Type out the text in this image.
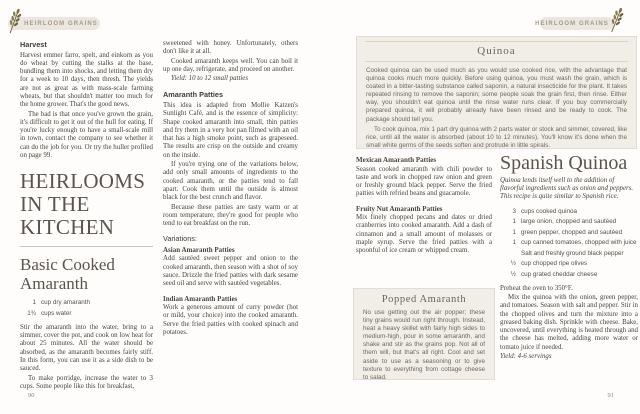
HEIRLOOM GRAINS
Harvest

Harvest emmer farro, spelt, and einkorn as you do wheat by cutting the stalks at the base, bundling them into shocks, and letting them dry for a week to 10 days, then thresh. The yields are not as great as with mass-scale farming wheats, but that shouldn't matter too much for the home grower. That's the good news.

The bad is that once you've grown the grain, it's difficult to get it out of the hull for eating. If you're lucky enough to have a small-scale mill in town, contact the company to see whether it can do the job for you. Or try the huller profiled on page 99.

HEIRLOOMS
IN THE
KITCHEN
Basic Cooked
Amaranth
1 cup dry amaranth
1¾ cups water

Stir the amaranth into the water, bring to a simmer, cover the pot, and cook on low heat for about 25 minutes. All the water should be absorbed, as the amaranth becomes fairly stiff. In this form, you can use it as a side dish to be sauced.

To make porridge, increase the water to 3 cups. Some people like this for breakfast,

sweetened with honey. Unfortunately, others don't like it at all.

Cooked amaranth keeps well. You can boil it up one day, refrigerate, and proceed on another.

Yield: 10 to 12 small patties

Amaranth Patties

This idea is adapted from Mollie Katzen's Sunlight Café, and is the essence of simplicity: Shape cooked amaranth into small, thin patties and fry them in a very hot pan filmed with an oil that has a high smoke point, such as grapeseed. The results are crisp on the outside and creamy on the inside.

If you're trying one of the variations below, add only small amounts of ingredients to the cooked amaranth, or the patties tend to fall apart. Cook them until the outside is almost black for the best crunch and flavor.

Because these patties are tasty warm or at room temperature, they're good for people who tend to eat breakfast on the run.

Variations:
Asian Amaranth Patties

Add sautéed sweet pepper and onion to the cooked amaranth, then season with a shot of soy sauce. Drizzle the fried patties with dark sesame seed oil and serve with sautéed vegetables.

Indian Amaranth Patties

Work a generous amount of curry powder (hot or mild, your choice) into the cooked amaranth. Serve the fried patties with cooked spinach and potatoes.

90
HEIRLOOM GRAINS
Quinoa

Cooked quinoa can be used much as you would use cooked rice, with the advantage that quinoa cooks much more quickly. Before using quinoa, you must wash the grain, which is coated in a bitter-tasting substance called saponin, a natural insecticide for the plant. It takes repeated rinsing to remove the saponin; some people soak the grain first, then rinse. Either way, you shouldn't eat quinoa until the rinse water runs clear. If you buy commercially prepared quinoa, it will probably already have been rinsed and be ready to cook. The package should tell you.

To cook quinoa, mix 1 part dry quinoa with 2 parts water or stock and simmer, covered, like rice, until all the water is absorbed (about 10 to 12 minutes). You'll know it's done when the small white germs of the seeds soften and protrude in little spirals.

Mexican Amaranth Patties

Season cooked amaranth with chili powder to taste and work in chopped raw onion and green or freshly ground black pepper. Serve the fried patties with refried beans and guacamole.

Fruity Nut Amaranth Patties

Mix finely chopped pecans and dates or dried cranberries into cooked amaranth. Add a dash of cinnamon and a small amount of molasses or maple syrup. Serve the fried patties with a spoonful of ice cream or whipped cream.

Popped Amaranth

No use getting out the air popper; these tiny grains would run right through. Instead, heat a heavy skillet with fairly high sides to medium-high, pour in some amaranth, and shake and stir as the grains pop. Not all of them will, but that's all right. Cool and set aside to use as a seasoning or to give texture to everything from cottage cheese to salad.

Spanish Quinoa

Quinoa lends itself well to the addition of flavorful ingredients such as onion and peppers. This recipe is quite similar to Spanish rice.

3 cups cooked quinoa
1 large onion, chopped and sautéed
1 green pepper, chopped and sautéed
1 cup canned tomatoes, chopped with juice
Salt and freshly ground black pepper
½ cup chopped ripe olives
½ cup grated cheddar cheese

Preheat the oven to 350°F.

Mix the quinoa with the onion, green pepper, and tomatoes. Season with salt and pepper. Stir in the chopped olives and turn the mixture into a greased baking dish. Sprinkle with cheese. Bake, uncovered, until everything is heated through and the cheese has melted, adding more water or tomato juice if needed.

Yield: 4-6 servings

91
